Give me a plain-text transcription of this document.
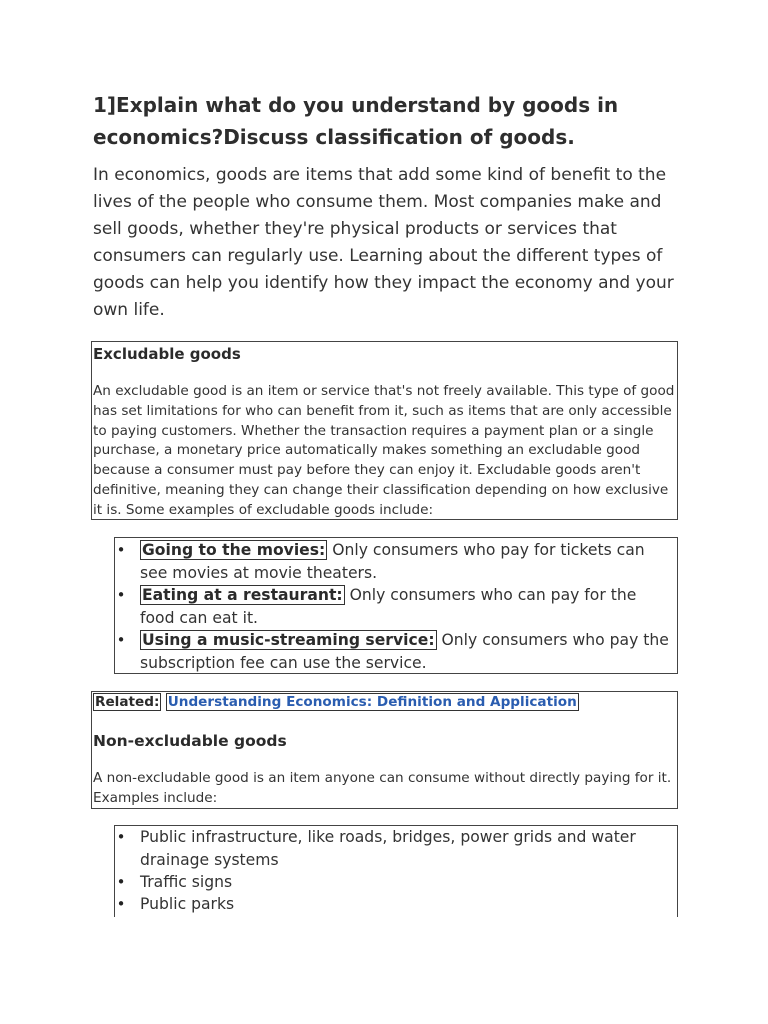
1]Explain what do you understand by goods in economics?Discuss classification of goods.

In economics, goods are items that add some kind of benefit to the lives of the people who consume them. Most companies make and sell goods, whether they're physical products or services that consumers can regularly use. Learning about the different types of goods can help you identify how they impact the economy and your own life.

Excludable goods

An excludable good is an item or service that's not freely available. This type of good has set limitations for who can benefit from it, such as items that are only accessible to paying customers. Whether the transaction requires a payment plan or a single purchase, a monetary price automatically makes something an excludable good because a consumer must pay before they can enjoy it. Excludable goods aren't definitive, meaning they can change their classification depending on how exclusive it is. Some examples of excludable goods include:

• Going to the movies: Only consumers who pay for tickets can see movies at movie theaters.
• Eating at a restaurant: Only consumers who can pay for the food can eat it.
• Using a music-streaming service: Only consumers who pay the subscription fee can use the service.
Related: Understanding Economics: Definition and Application

Non-excludable goods

A non-excludable good is an item anyone can consume without directly paying for it. Examples include:

• Public infrastructure, like roads, bridges, power grids and water drainage systems
• Traffic signs
• Public parks
